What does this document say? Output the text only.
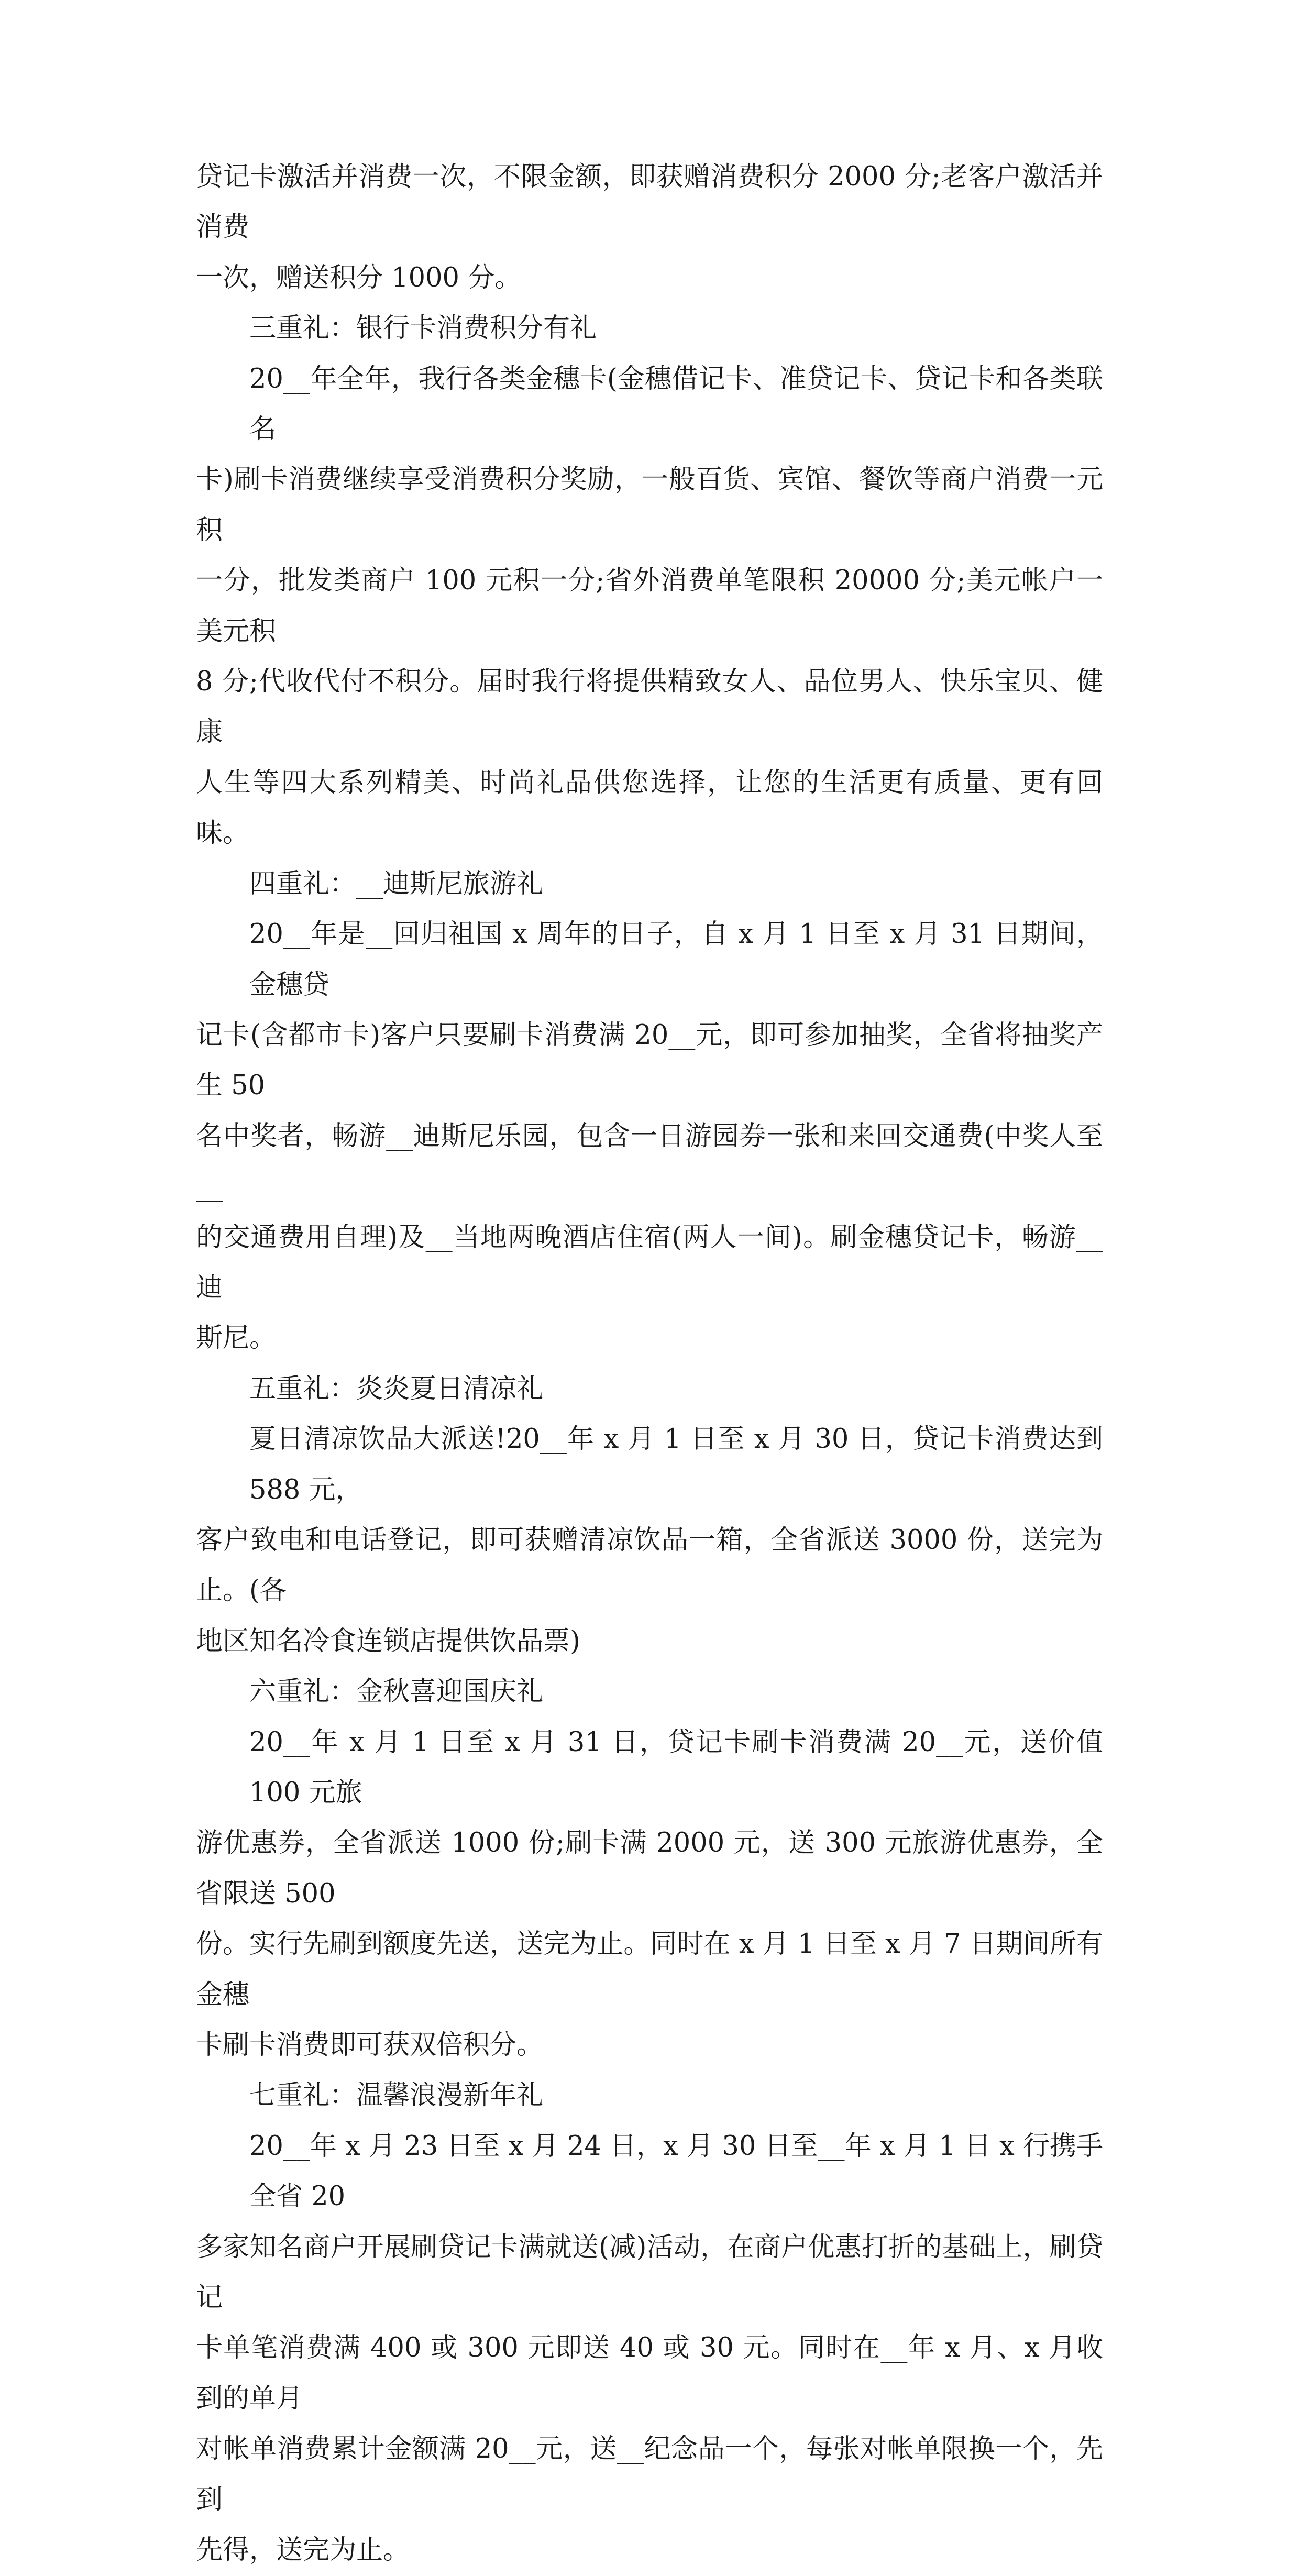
贷记卡激活并消费一次，不限金额，即获赠消费积分 2000 分;老客户激活并消费
一次，赠送积分 1000 分。
三重礼：银行卡消费积分有礼
20__年全年，我行各类金穗卡(金穗借记卡、准贷记卡、贷记卡和各类联名
卡)刷卡消费继续享受消费积分奖励，一般百货、宾馆、餐饮等商户消费一元积
一分，批发类商户 100 元积一分;省外消费单笔限积 20000 分;美元帐户一美元积
8 分;代收代付不积分。届时我行将提供精致女人、品位男人、快乐宝贝、健康
人生等四大系列精美、时尚礼品供您选择，让您的生活更有质量、更有回味。
四重礼：__迪斯尼旅游礼
20__年是__回归祖国 x 周年的日子，自 x 月 1 日至 x 月 31 日期间，金穗贷
记卡(含都市卡)客户只要刷卡消费满 20__元，即可参加抽奖，全省将抽奖产生 50
名中奖者，畅游__迪斯尼乐园，包含一日游园券一张和来回交通费(中奖人至__
的交通费用自理)及__当地两晚酒店住宿(两人一间)。刷金穗贷记卡，畅游__迪
斯尼。
五重礼：炎炎夏日清凉礼
夏日清凉饮品大派送!20__年 x 月 1 日至 x 月 30 日，贷记卡消费达到 588 元，
客户致电和电话登记，即可获赠清凉饮品一箱，全省派送 3000 份，送完为止。(各
地区知名冷食连锁店提供饮品票)
六重礼：金秋喜迎国庆礼
20__年 x 月 1 日至 x 月 31 日，贷记卡刷卡消费满 20__元，送价值 100 元旅
游优惠券，全省派送 1000 份;刷卡满 2000 元，送 300 元旅游优惠券，全省限送 500
份。实行先刷到额度先送，送完为止。同时在 x 月 1 日至 x 月 7 日期间所有金穗
卡刷卡消费即可获双倍积分。
七重礼：温馨浪漫新年礼
20__年 x 月 23 日至 x 月 24 日，x 月 30 日至__年 x 月 1 日 x 行携手全省 20
多家知名商户开展刷贷记卡满就送(减)活动，在商户优惠打折的基础上，刷贷记
卡单笔消费满 400 或 300 元即送 40 或 30 元。同时在__年 x 月、x 月收到的单月
对帐单消费累计金额满 20__元，送__纪念品一个，每张对帐单限换一个，先到
先得，送完为止。
